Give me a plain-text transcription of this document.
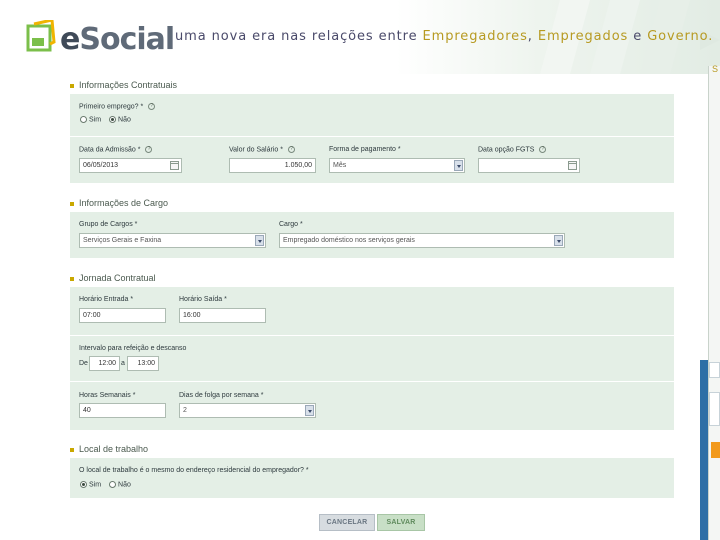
eSocial uma nova era nas relações entre Empregadores, Empregados e Governo.
S
Informações Contratuais
Primeiro emprego? * ?
Sim Não
Data da Admissão * ?
06/05/2013
Valor do Salário * ?
1.050,00
Forma de pagamento *
Mês
Data opção FGTS ?
Informações de Cargo
Grupo de Cargos *
Serviços Gerais e Faxina
Cargo *
Empregado doméstico nos serviços gerais
Jornada Contratual
Horário Entrada *
07:00
Horário Saída *
16:00
Intervalo para refeição e descanso
De	12:00 a	13:00
Horas Semanais *
40
Dias de folga por semana *
2
Local de trabalho
O local de trabalho é o mesmo do endereço residencial do empregador? *
Sim Não
CANCELAR	SALVAR
